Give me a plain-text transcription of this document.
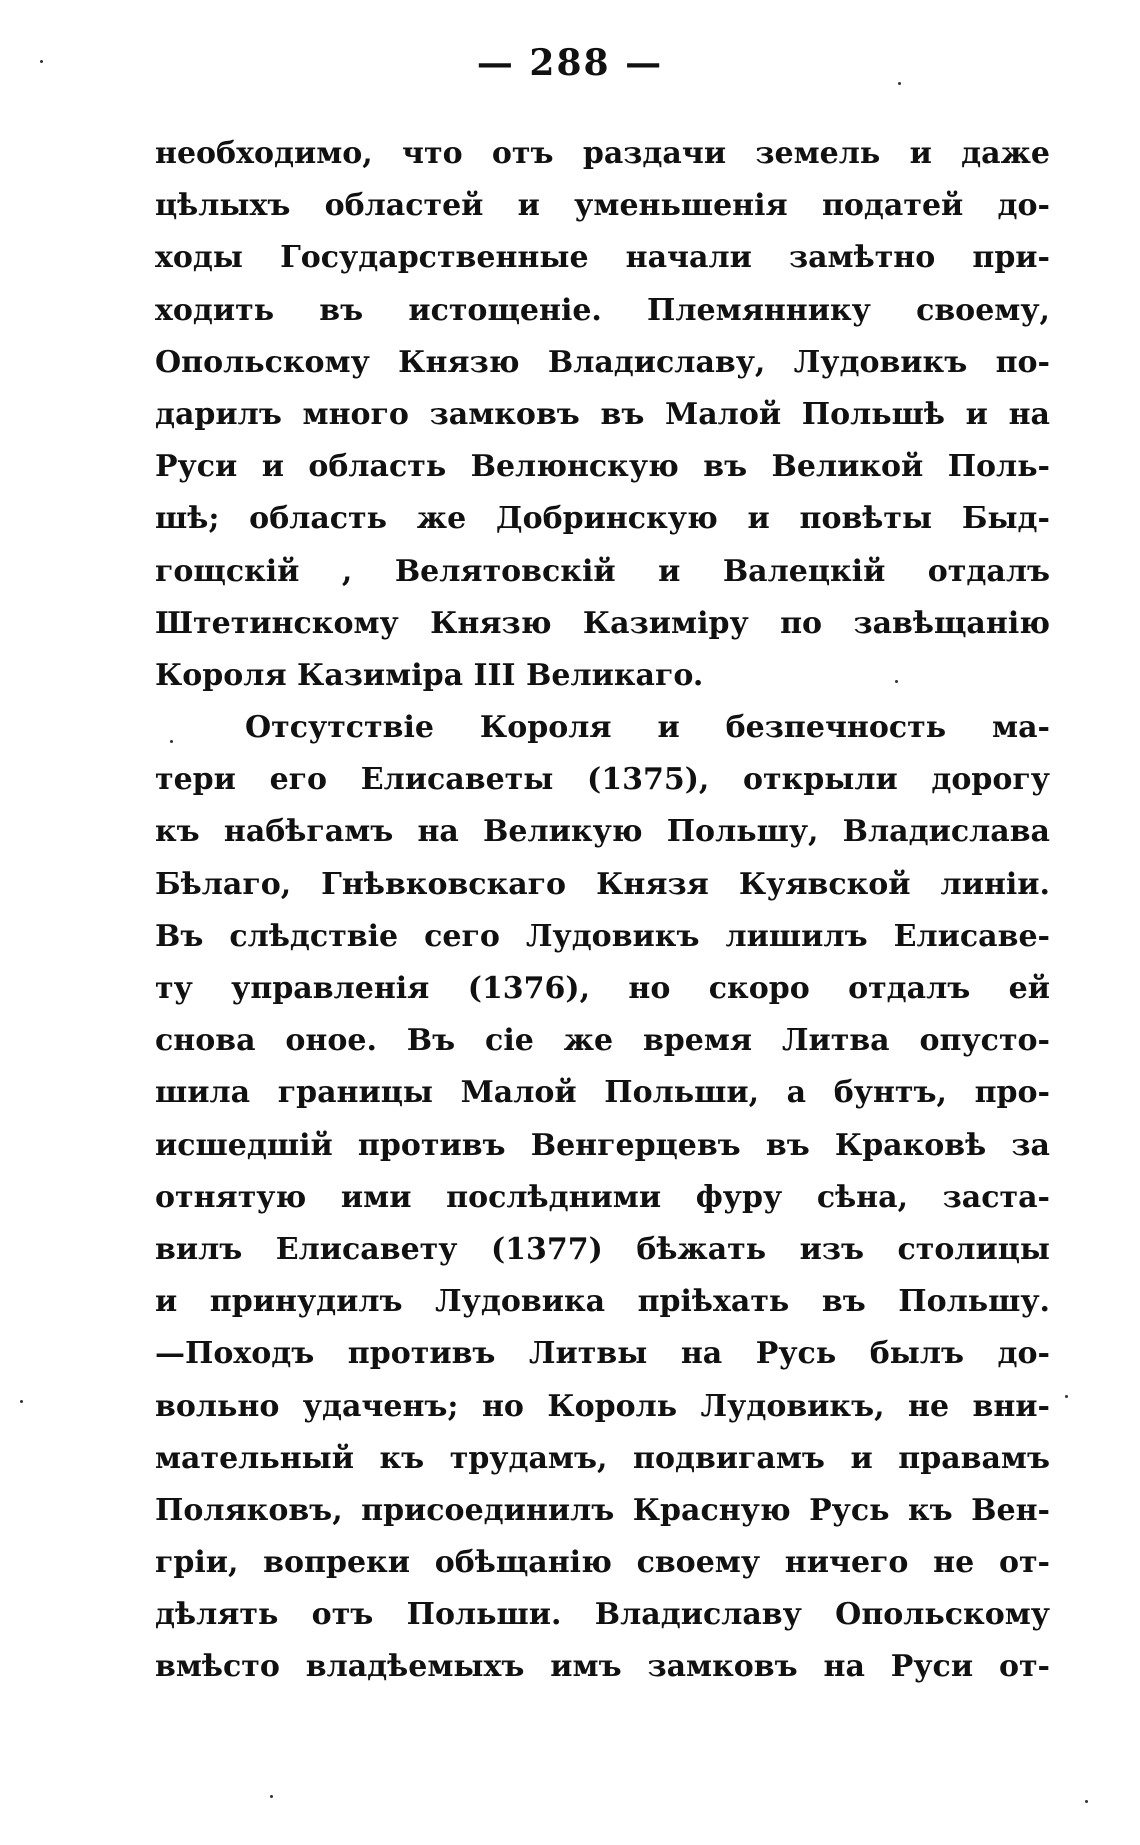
— 288 —
необходимо, что отъ раздачи земель и даже
цѣлыхъ областей и уменьшенія податей до-
ходы Государственные начали замѣтно при-
ходить въ истощеніе. Племяннику своему,
Опольскому Князю Владиславу, Лудовикъ по-
дарилъ много замковъ въ Малой Польшѣ и на
Руси и область Велюнскую въ Великой Поль-
шѣ; область же Добринскую и повѣты Быд-
гощскій , Велятовскій и Валецкій отдалъ
Штетинскому Князю Казиміру по завѣщанію
Короля Казиміра III Великагo.
Отсутствіе Короля и безпечность ма-
тери его Елисаветы (1375), открыли дорогу
къ набѣгамъ на Великую Польшу, Владислава
Бѣлаго, Гнѣвковскаго Князя Куявской линіи.
Въ слѣдствіе сего Лудовикъ лишилъ Елисаве-
ту управленія (1376), но скоро отдалъ ей
снова оное. Въ сіе же время Литва опусто-
шила границы Малой Польши, а бунтъ, про-
исшедшій противъ Венгерцевъ въ Краковѣ за
отнятую ими послѣдними фуру сѣна, заста-
вилъ Елисавету (1377) бѣжать изъ столицы
и принудилъ Лудовика пріѣхать въ Польшу.
—Походъ противъ Литвы на Русь былъ до-
вольно удаченъ; но Король Лудовикъ, не вни-
мательный къ трудамъ, подвигамъ и правамъ
Поляковъ, присоединилъ Красную Русь къ Вен-
гріи, вопреки обѣщанію своему ничего не от-
дѣлять отъ Польши. Владиславу Опольскому
вмѣсто владѣемыхъ имъ замковъ на Руси от-
